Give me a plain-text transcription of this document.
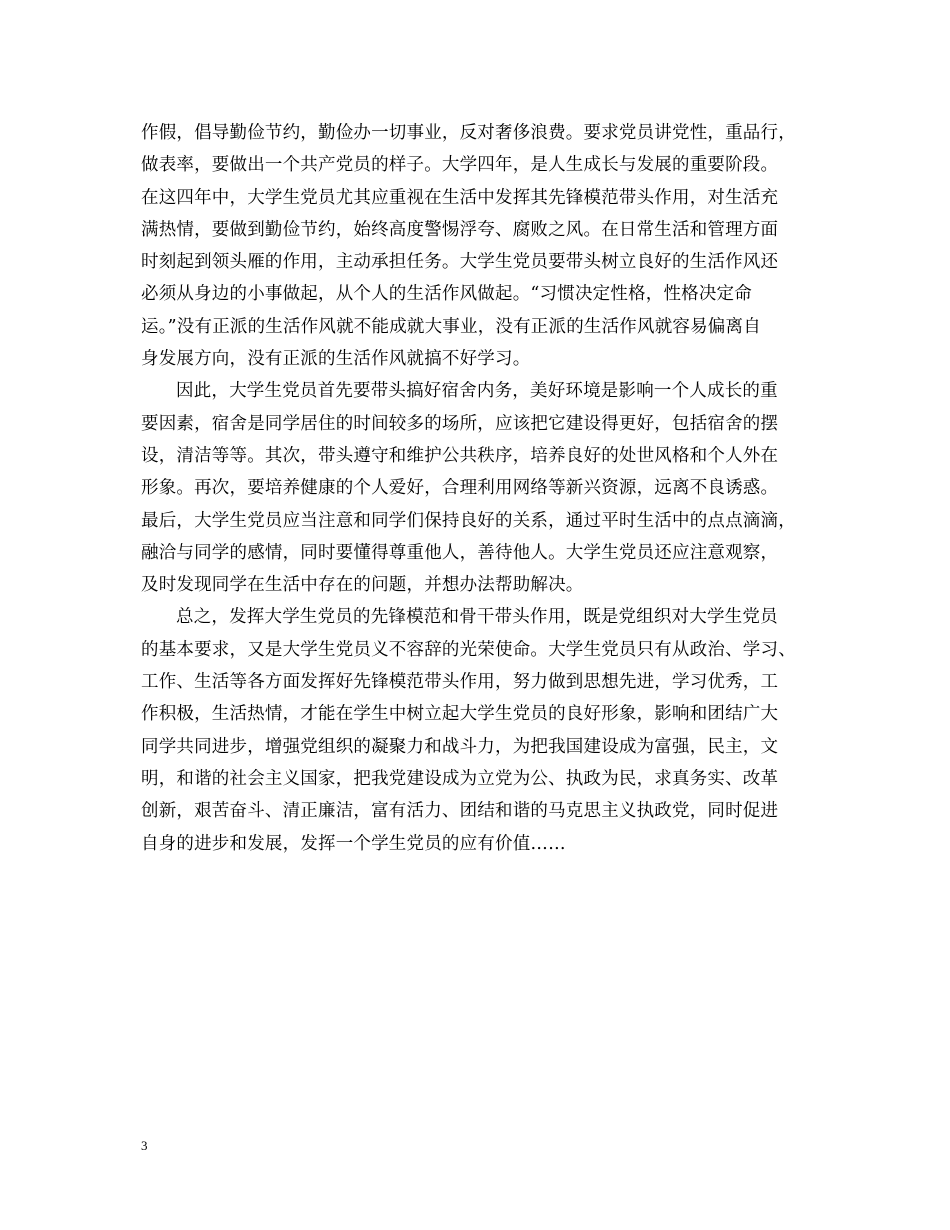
作假，倡导勤俭节约，勤俭办一切事业，反对奢侈浪费。要求党员讲党性，重品行，
做表率，要做出一个共产党员的样子。大学四年，是人生成长与发展的重要阶段。
在这四年中，大学生党员尤其应重视在生活中发挥其先锋模范带头作用，对生活充
满热情，要做到勤俭节约，始终高度警惕浮夸、腐败之风。在日常生活和管理方面
时刻起到领头雁的作用，主动承担任务。大学生党员要带头树立良好的生活作风还
必须从身边的小事做起，从个人的生活作风做起。“习惯决定性格，性格决定命
运。”没有正派的生活作风就不能成就大事业，没有正派的生活作风就容易偏离自
身发展方向，没有正派的生活作风就搞不好学习。
因此，大学生党员首先要带头搞好宿舍内务，美好环境是影响一个人成长的重
要因素，宿舍是同学居住的时间较多的场所，应该把它建设得更好，包括宿舍的摆
设，清洁等等。其次，带头遵守和维护公共秩序，培养良好的处世风格和个人外在
形象。再次，要培养健康的个人爱好，合理利用网络等新兴资源，远离不良诱惑。
最后，大学生党员应当注意和同学们保持良好的关系，通过平时生活中的点点滴滴，
融洽与同学的感情，同时要懂得尊重他人，善待他人。大学生党员还应注意观察，
及时发现同学在生活中存在的问题，并想办法帮助解决。
总之，发挥大学生党员的先锋模范和骨干带头作用，既是党组织对大学生党员
的基本要求，又是大学生党员义不容辞的光荣使命。大学生党员只有从政治、学习、
工作、生活等各方面发挥好先锋模范带头作用，努力做到思想先进，学习优秀，工
作积极，生活热情，才能在学生中树立起大学生党员的良好形象，影响和团结广大
同学共同进步，增强党组织的凝聚力和战斗力，为把我国建设成为富强，民主，文
明，和谐的社会主义国家，把我党建设成为立党为公、执政为民，求真务实、改革
创新，艰苦奋斗、清正廉洁，富有活力、团结和谐的马克思主义执政党，同时促进
自身的进步和发展，发挥一个学生党员的应有价值……
3
